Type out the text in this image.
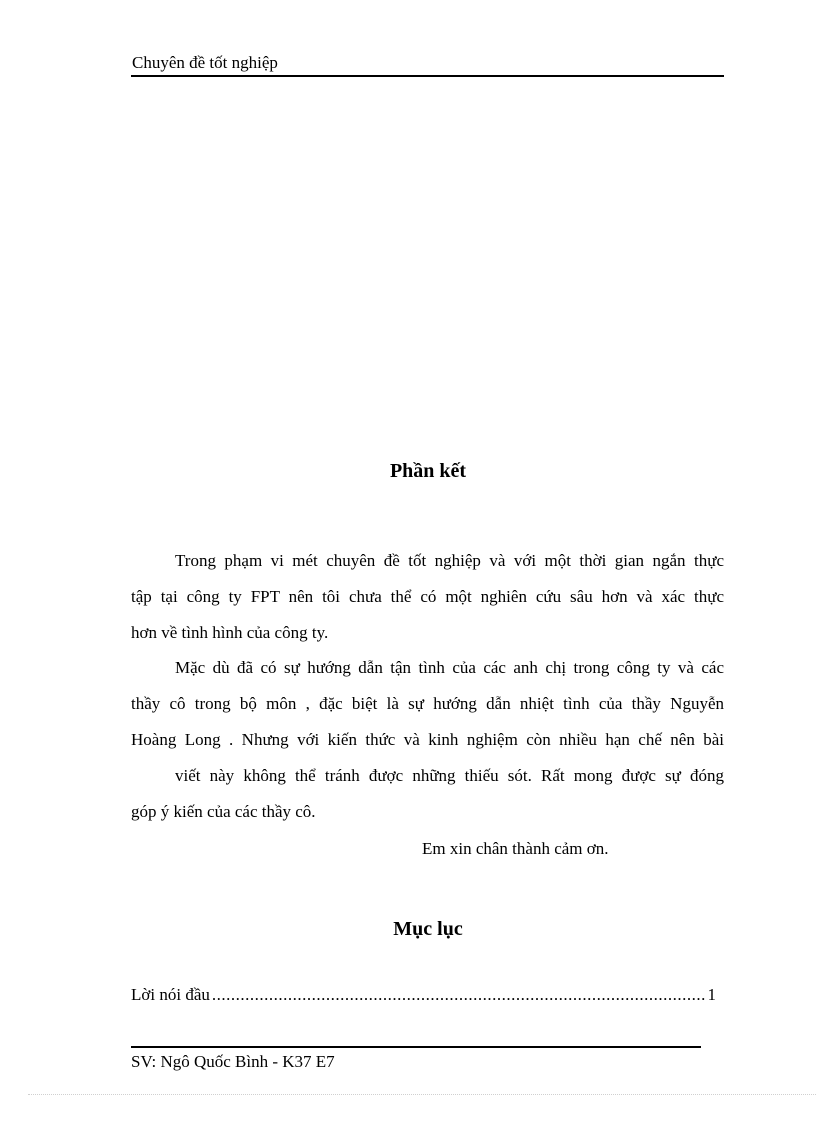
Chuyên đề tốt nghiệp
Phần kết
Trong phạm vi mét chuyên đề tốt nghiệp và với một thời gian ngắn thực
tập tại công ty FPT nên tôi chưa thể có một nghiên cứu sâu hơn và xác thực
hơn về tình hình của công ty.
Mặc dù đã có sự hướng dẫn tận tình của các anh chị trong công ty và các
thầy cô trong bộ môn , đặc biệt là sự hướng dẫn nhiệt tình của thầy Nguyễn
Hoàng Long . Nhưng với kiến thức và kinh nghiệm còn nhiều hạn chế nên bài
viết này không thể tránh được những thiếu sót. Rất mong được sự đóng
góp ý kiến của các thầy cô.
Em xin chân thành cảm ơn.
Mục lục
Lời nói đầu
.....	1
SV: Ngô Quốc Bình - K37 E7
